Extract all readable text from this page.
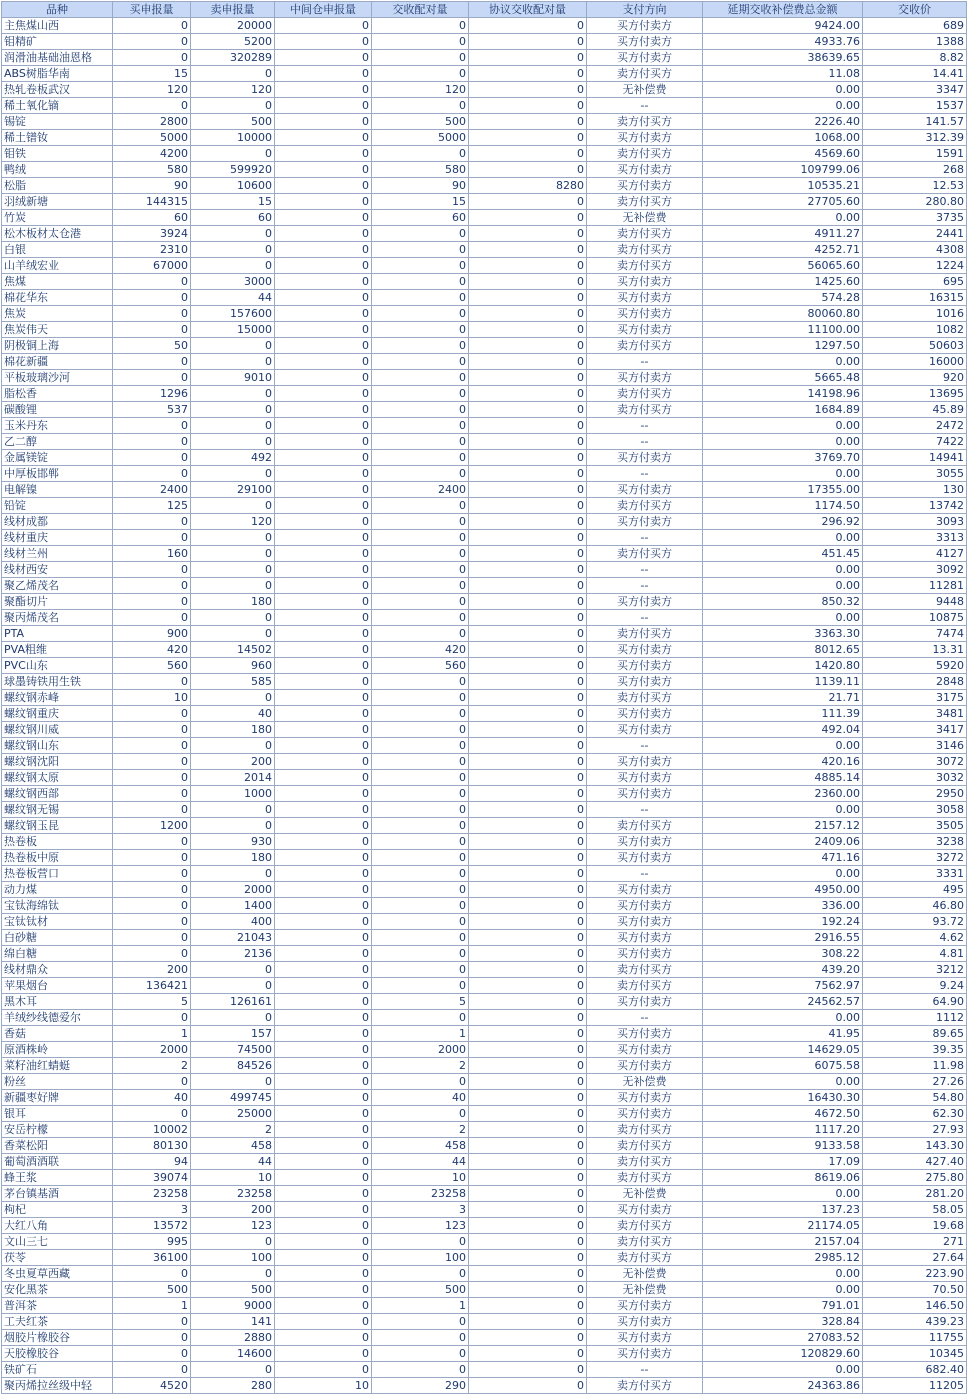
品种	买申报量	卖申报量	中间仓申报量	交收配对量	协议交收配对量	支付方向	延期交收补偿费总金额	交收价
主焦煤山西	0	20000	0	0	0	买方付卖方	9424.00	689
钼精矿	0	5200	0	0	0	买方付卖方	4933.76	1388
润滑油基础油恩格	0	320289	0	0	0	买方付卖方	38639.65	8.82
ABS树脂华南	15	0	0	0	0	卖方付买方	11.08	14.41
热轧卷板武汉	120	120	0	120	0	无补偿费	0.00	3347
稀土氧化镝	0	0	0	0	0	--	0.00	1537
锡锭	2800	500	0	500	0	卖方付买方	2226.40	141.57
稀土镨钕	5000	10000	0	5000	0	买方付卖方	1068.00	312.39
钼铁	4200	0	0	0	0	卖方付买方	4569.60	1591
鸭绒	580	599920	0	580	0	买方付卖方	109799.06	268
松脂	90	10600	0	90	8280	买方付卖方	10535.21	12.53
羽绒新塘	144315	15	0	15	0	卖方付买方	27705.60	280.80
竹炭	60	60	0	60	0	无补偿费	0.00	3735
松木板材太仓港	3924	0	0	0	0	卖方付买方	4911.27	2441
白银	2310	0	0	0	0	卖方付买方	4252.71	4308
山羊绒宏业	67000	0	0	0	0	卖方付买方	56065.60	1224
焦煤	0	3000	0	0	0	买方付卖方	1425.60	695
棉花华东	0	44	0	0	0	买方付卖方	574.28	16315
焦炭	0	157600	0	0	0	买方付卖方	80060.80	1016
焦炭伟天	0	15000	0	0	0	买方付卖方	11100.00	1082
阴极铜上海	50	0	0	0	0	卖方付买方	1297.50	50603
棉花新疆	0	0	0	0	0	--	0.00	16000
平板玻璃沙河	0	9010	0	0	0	买方付卖方	5665.48	920
脂松香	1296	0	0	0	0	卖方付买方	14198.96	13695
碳酸锂	537	0	0	0	0	卖方付买方	1684.89	45.89
玉米丹东	0	0	0	0	0	--	0.00	2472
乙二醇	0	0	0	0	0	--	0.00	7422
金属镁锭	0	492	0	0	0	买方付卖方	3769.70	14941
中厚板邯郸	0	0	0	0	0	--	0.00	3055
电解镍	2400	29100	0	2400	0	买方付卖方	17355.00	130
铅锭	125	0	0	0	0	卖方付买方	1174.50	13742
线材成都	0	120	0	0	0	买方付卖方	296.92	3093
线材重庆	0	0	0	0	0	--	0.00	3313
线材兰州	160	0	0	0	0	卖方付买方	451.45	4127
线材西安	0	0	0	0	0	--	0.00	3092
聚乙烯茂名	0	0	0	0	0	--	0.00	11281
聚酯切片	0	180	0	0	0	买方付卖方	850.32	9448
聚丙烯茂名	0	0	0	0	0	--	0.00	10875
PTA	900	0	0	0	0	卖方付买方	3363.30	7474
PVA粗维	420	14502	0	420	0	买方付卖方	8012.65	13.31
PVC山东	560	960	0	560	0	买方付卖方	1420.80	5920
球墨铸铁用生铁	0	585	0	0	0	买方付卖方	1139.11	2848
螺纹钢赤峰	10	0	0	0	0	卖方付买方	21.71	3175
螺纹钢重庆	0	40	0	0	0	买方付卖方	111.39	3481
螺纹钢川威	0	180	0	0	0	买方付卖方	492.04	3417
螺纹钢山东	0	0	0	0	0	--	0.00	3146
螺纹钢沈阳	0	200	0	0	0	买方付卖方	420.16	3072
螺纹钢太原	0	2014	0	0	0	买方付卖方	4885.14	3032
螺纹钢西部	0	1000	0	0	0	买方付卖方	2360.00	2950
螺纹钢无锡	0	0	0	0	0	--	0.00	3058
螺纹钢玉昆	1200	0	0	0	0	卖方付买方	2157.12	3505
热卷板	0	930	0	0	0	买方付卖方	2409.06	3238
热卷板中原	0	180	0	0	0	买方付卖方	471.16	3272
热卷板营口	0	0	0	0	0	--	0.00	3331
动力煤	0	2000	0	0	0	买方付卖方	4950.00	495
宝钛海绵钛	0	1400	0	0	0	买方付卖方	336.00	46.80
宝钛钛材	0	400	0	0	0	买方付卖方	192.24	93.72
白砂糖	0	21043	0	0	0	买方付卖方	2916.55	4.62
绵白糖	0	2136	0	0	0	买方付卖方	308.22	4.81
线材鼎众	200	0	0	0	0	卖方付买方	439.20	3212
苹果烟台	136421	0	0	0	0	卖方付买方	7562.97	9.24
黑木耳	5	126161	0	5	0	买方付卖方	24562.57	64.90
羊绒纱线德爱尔	0	0	0	0	0	--	0.00	1112
香菇	1	157	0	1	0	买方付卖方	41.95	89.65
原酒株岭	2000	74500	0	2000	0	买方付卖方	14629.05	39.35
菜籽油红蜻蜓	2	84526	0	2	0	买方付卖方	6075.58	11.98
粉丝	0	0	0	0	0	无补偿费	0.00	27.26
新疆枣好牌	40	499745	0	40	0	买方付卖方	16430.30	54.80
银耳	0	25000	0	0	0	买方付卖方	4672.50	62.30
安岳柠檬	10002	2	0	2	0	卖方付买方	1117.20	27.93
香菜松阳	80130	458	0	458	0	卖方付买方	9133.58	143.30
葡萄酒酒联	94	44	0	44	0	卖方付买方	17.09	427.40
蜂王浆	39074	10	0	10	0	卖方付买方	8619.06	275.80
茅台镇基酒	23258	23258	0	23258	0	无补偿费	0.00	281.20
枸杞	3	200	0	3	0	买方付卖方	137.23	58.05
大红八角	13572	123	0	123	0	卖方付买方	21174.05	19.68
文山三七	995	0	0	0	0	卖方付买方	2157.04	271
茯苓	36100	100	0	100	0	卖方付买方	2985.12	27.64
冬虫夏草西藏	0	0	0	0	0	无补偿费	0.00	223.90
安化黑茶	500	500	0	500	0	无补偿费	0.00	70.50
普洱茶	1	9000	0	1	0	买方付卖方	791.01	146.50
工夫红茶	0	141	0	0	0	买方付卖方	328.84	439.23
烟胶片橡胶谷	0	2880	0	0	0	买方付卖方	27083.52	11755
天胶橡胶谷	0	14600	0	0	0	买方付卖方	120829.60	10345
铁矿石	0	0	0	0	0	--	0.00	682.40
聚丙烯拉丝级中轻	4520	280	10	290	0	卖方付买方	24363.86	11205
